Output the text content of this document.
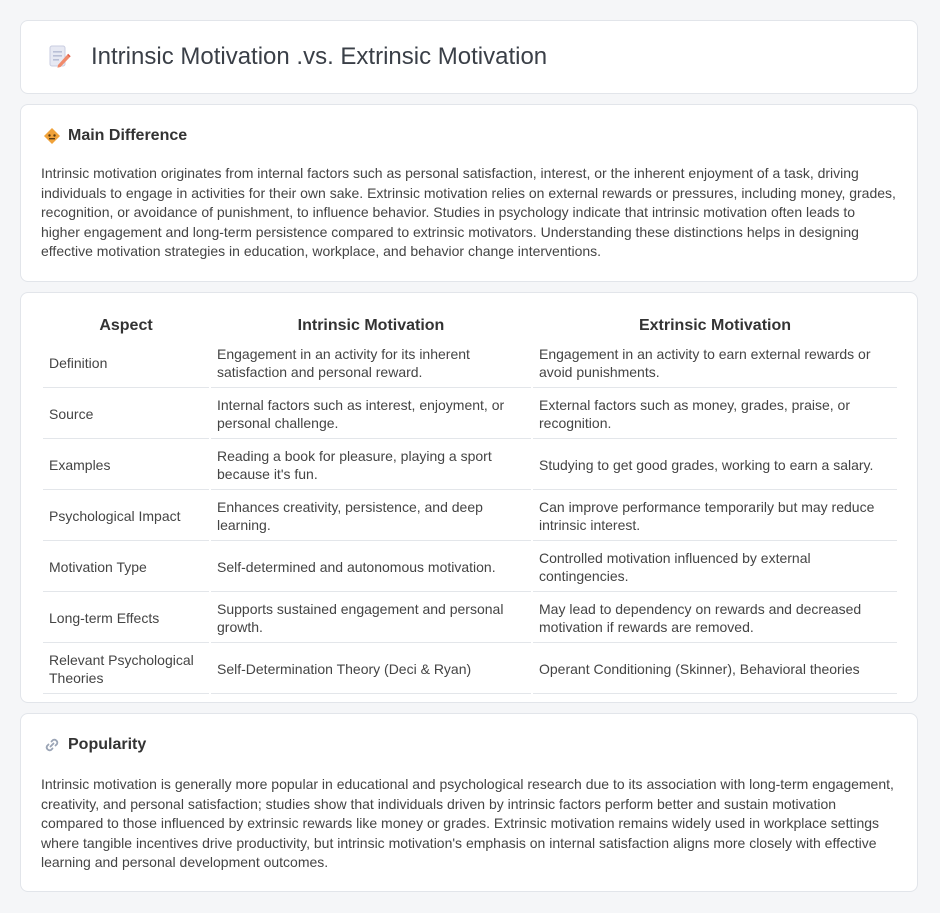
Intrinsic Motivation .vs. Extrinsic Motivation
Main Difference

Intrinsic motivation originates from internal factors such as personal satisfaction, interest, or the inherent enjoyment of a task, driving individuals to engage in activities for their own sake. Extrinsic motivation relies on external rewards or pressures, including money, grades, recognition, or avoidance of punishment, to influence behavior. Studies in psychology indicate that intrinsic motivation often leads to higher engagement and long-term persistence compared to extrinsic motivators. Understanding these distinctions helps in designing effective motivation strategies in education, workplace, and behavior change interventions.

Aspect	Intrinsic Motivation	Extrinsic Motivation
Definition	Engagement in an activity for its inherent satisfaction and personal reward.	Engagement in an activity to earn external rewards or avoid punishments.
Source	Internal factors such as interest, enjoyment, or personal challenge.	External factors such as money, grades, praise, or recognition.
Examples	Reading a book for pleasure, playing a sport because it's fun.	Studying to get good grades, working to earn a salary.
Psychological Impact	Enhances creativity, persistence, and deep learning.	Can improve performance temporarily but may reduce intrinsic interest.
Motivation Type	Self-determined and autonomous motivation.	Controlled motivation influenced by external contingencies.
Long-term Effects	Supports sustained engagement and personal growth.	May lead to dependency on rewards and decreased motivation if rewards are removed.
Relevant Psychological Theories	Self-Determination Theory (Deci & Ryan)	Operant Conditioning (Skinner), Behavioral theories
Popularity

Intrinsic motivation is generally more popular in educational and psychological research due to its association with long-term engagement, creativity, and personal satisfaction; studies show that individuals driven by intrinsic factors perform better and sustain motivation compared to those influenced by extrinsic rewards like money or grades. Extrinsic motivation remains widely used in workplace settings where tangible incentives drive productivity, but intrinsic motivation's emphasis on internal satisfaction aligns more closely with effective learning and personal development outcomes.
